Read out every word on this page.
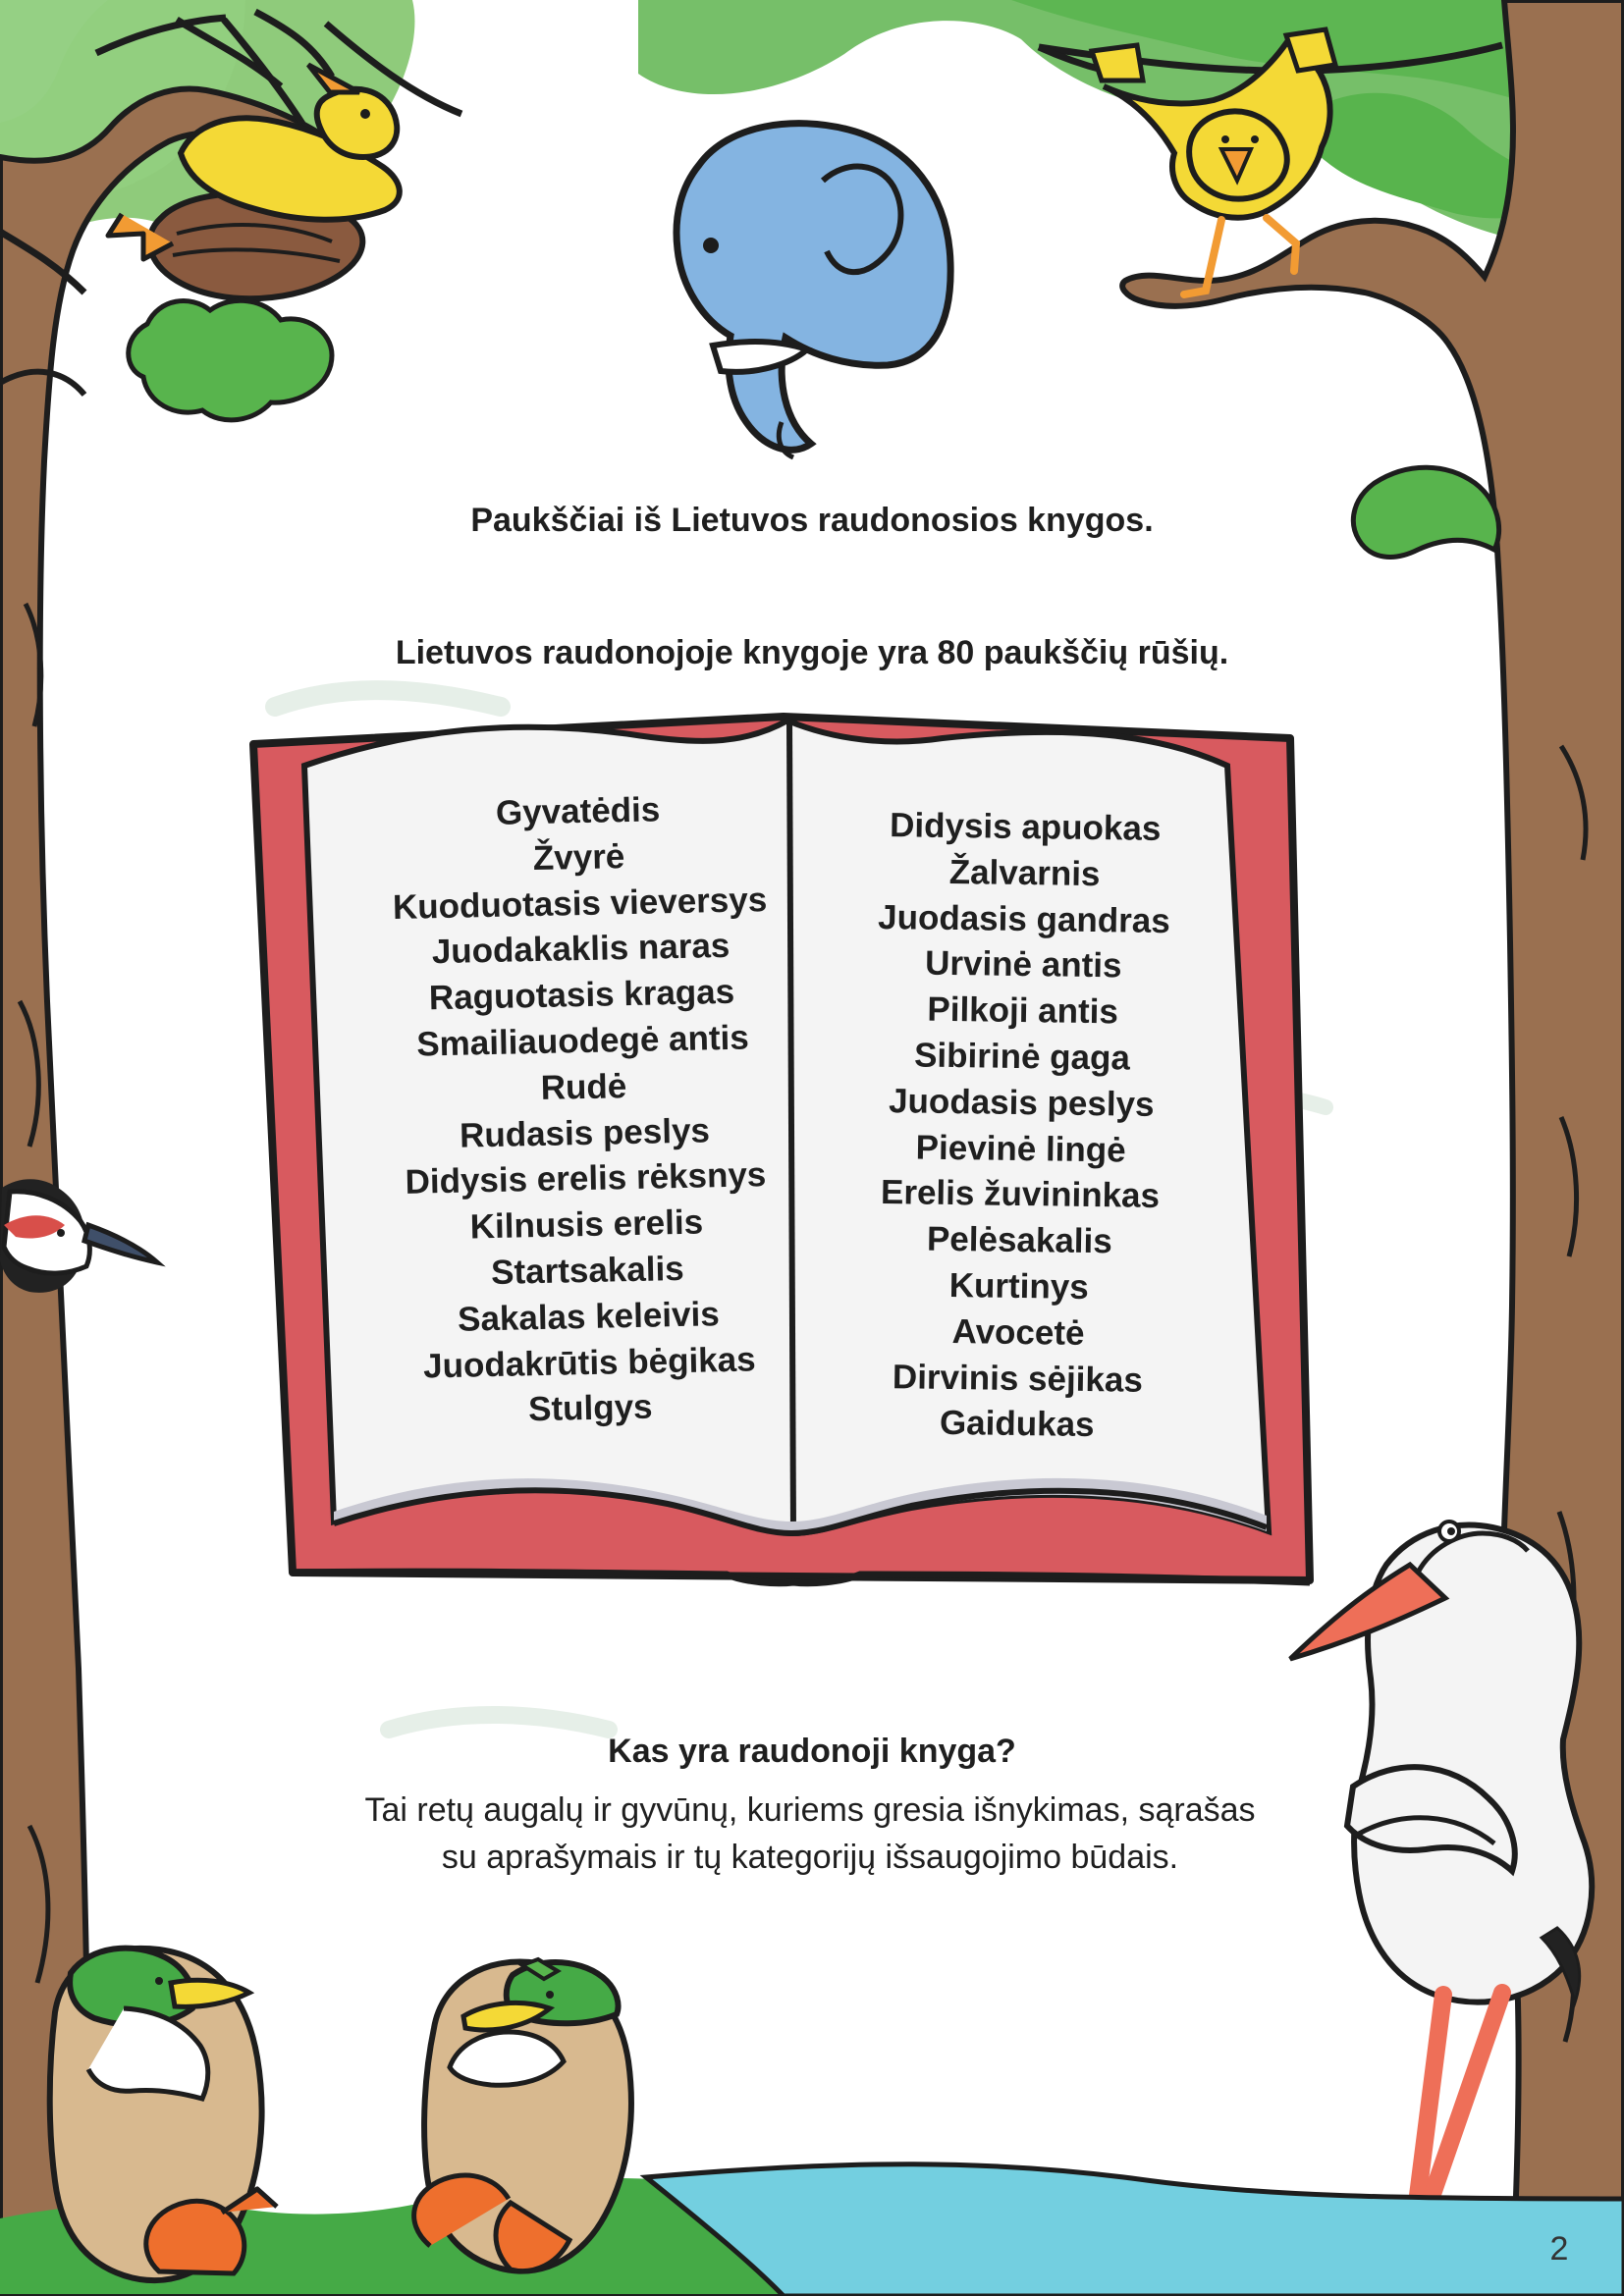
Paukščiai iš Lietuvos raudonosios knygos.
Lietuvos raudonojoje knygoje yra 80 paukščių rūšių.
Gyvatėdis
Žvyrė
Kuoduotasis vieversys
Juodakaklis naras
Raguotasis kragas
Smailiauodegė antis
Rudė
Rudasis peslys
Didysis erelis rėksnys
Kilnusis erelis
Startsakalis
Sakalas keleivis
Juodakrūtis bėgikas
Stulgys
Didysis apuokas
Žalvarnis
Juodasis gandras
Urvinė antis
Pilkoji antis
Sibirinė gaga
Juodasis peslys
Pievinė lingė
Erelis žuvininkas
Pelėsakalis
Kurtinys
Avocetė
Dirvinis sėjikas
Gaidukas
Kas yra raudonoji knyga?
Tai retų augalų ir gyvūnų, kuriems gresia išnykimas, sąrašas
su aprašymais ir tų kategorijų išsaugojimo būdais.
2
